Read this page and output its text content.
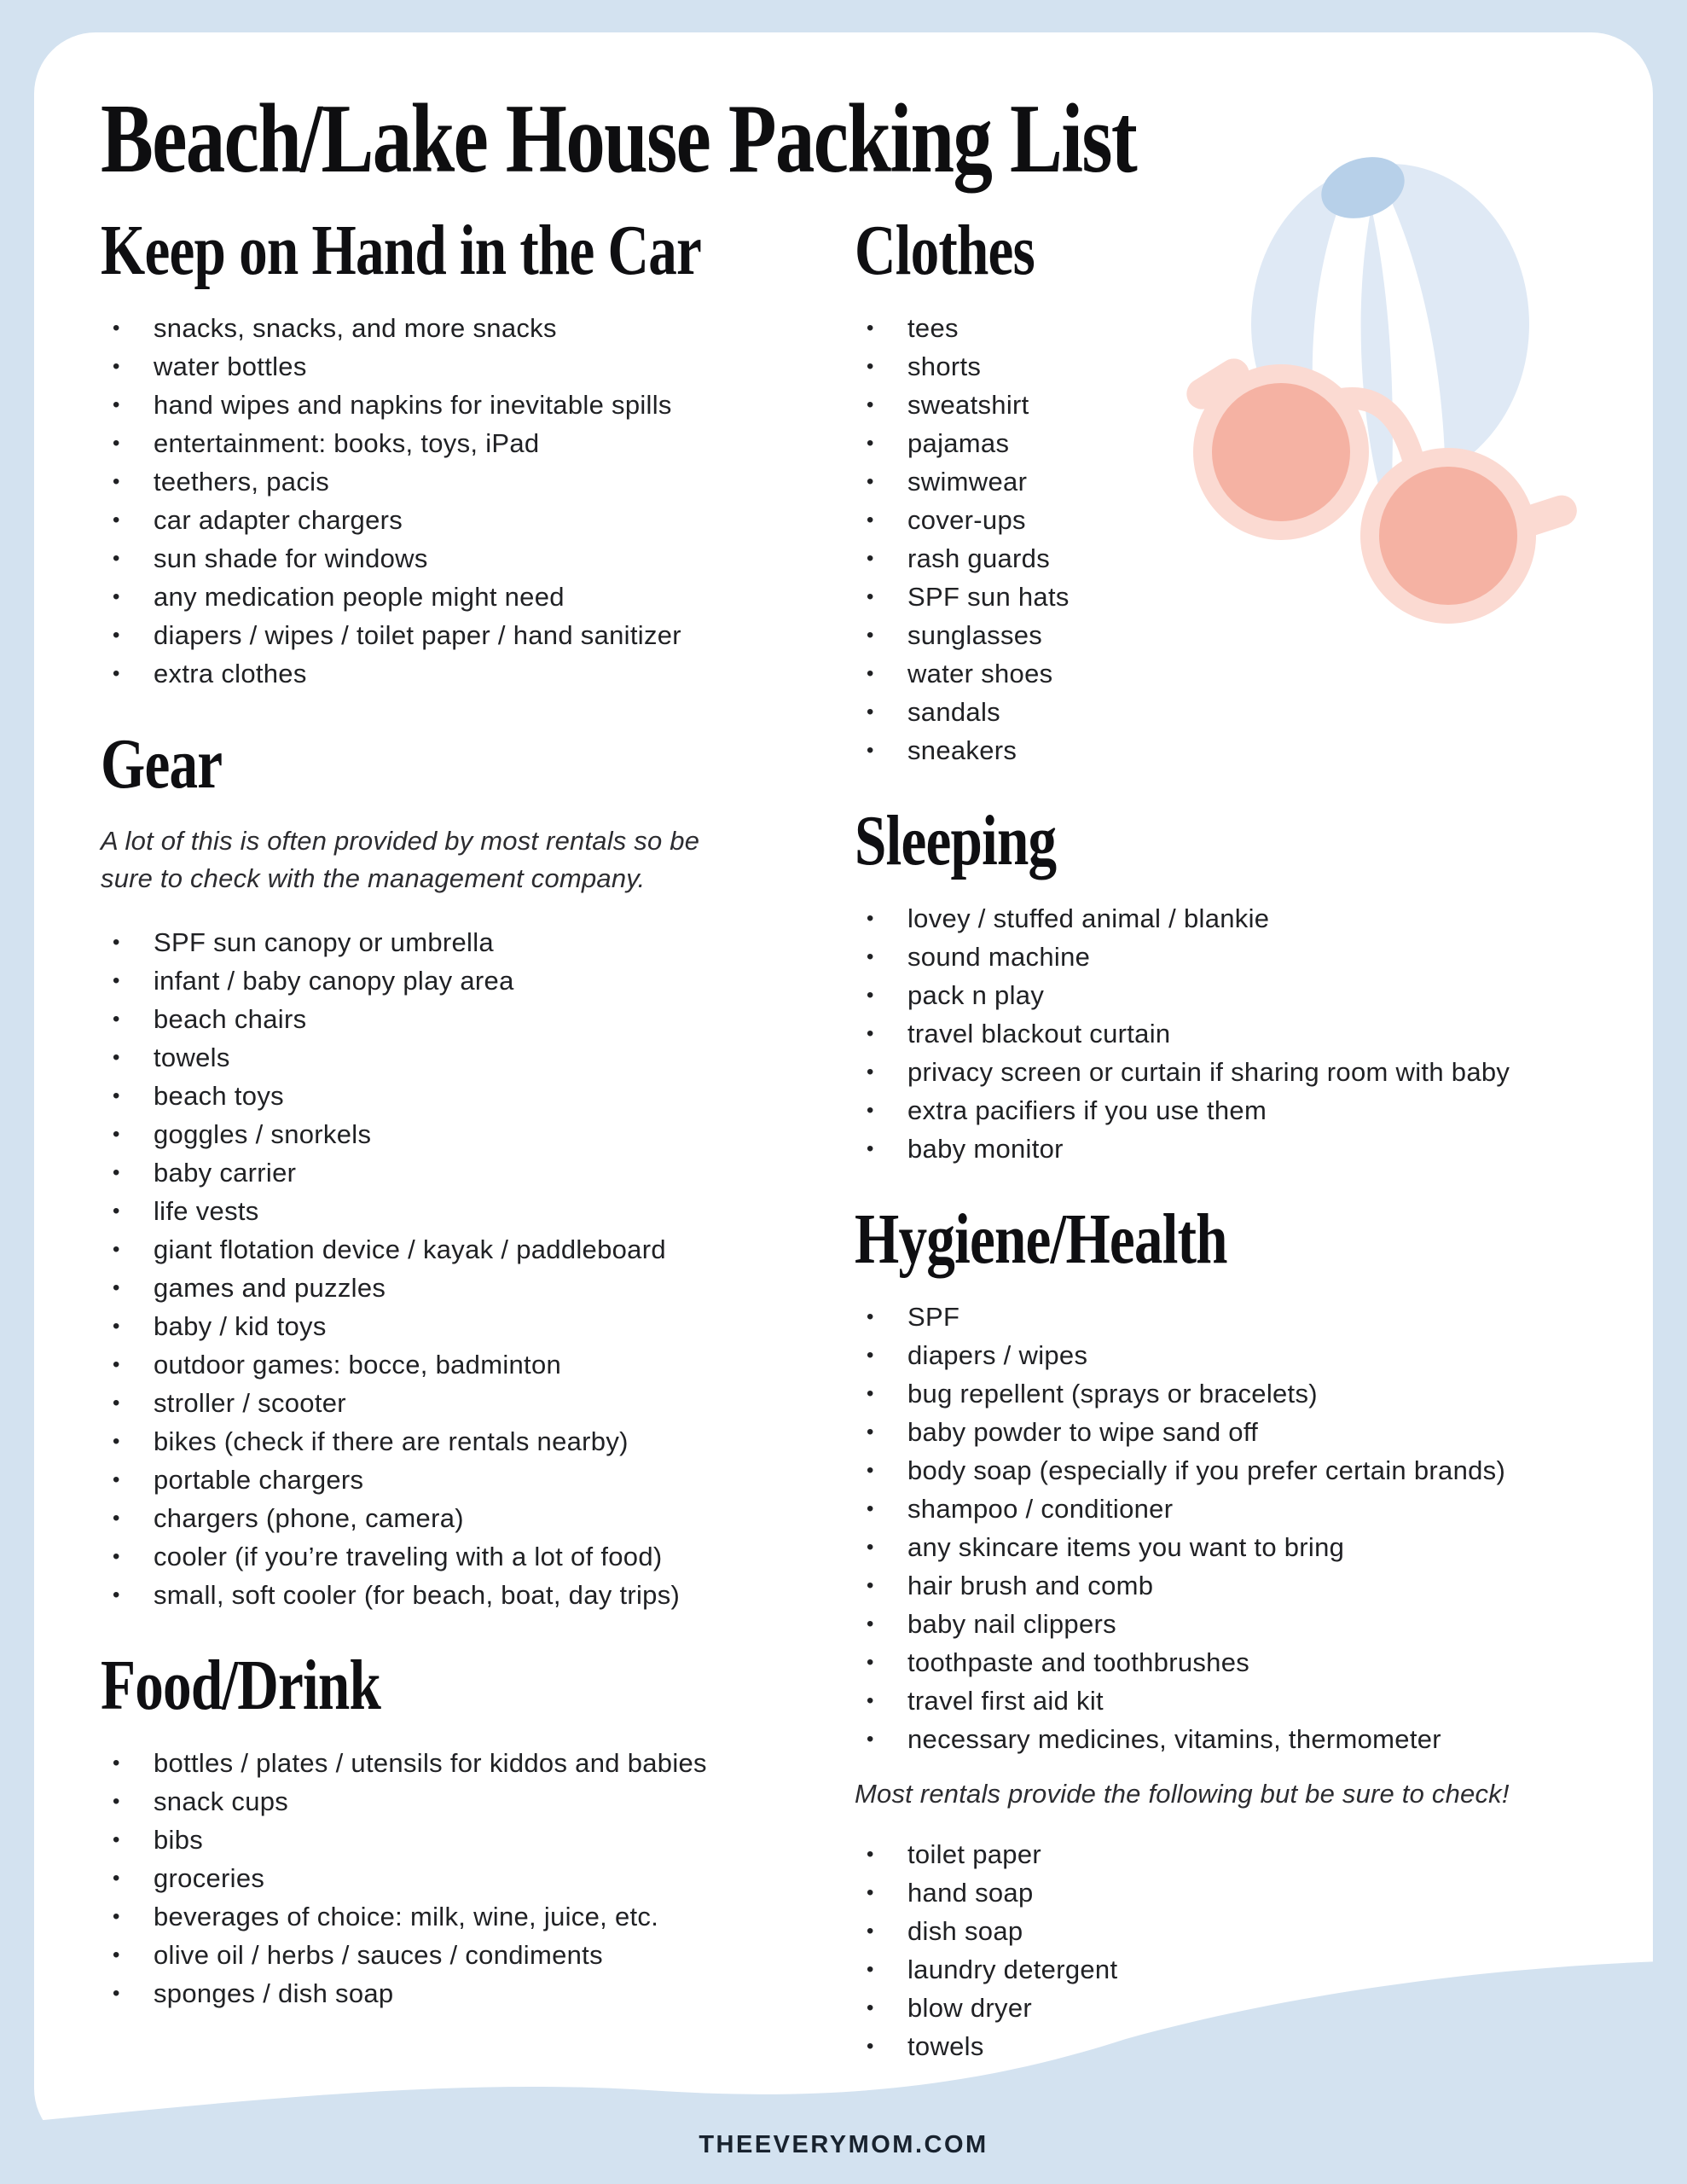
Beach/Lake House Packing List
Keep on Hand in the Car
•
snacks, snacks, and more snacks
•
water bottles
•
hand wipes and napkins for inevitable spills
•
entertainment: books, toys, iPad
•
teethers, pacis
•
car adapter chargers
•
sun shade for windows
•
any medication people might need
•
diapers / wipes / toilet paper / hand sanitizer
•
extra clothes
Gear

A lot of this is often provided by most rentals so be sure to check with the management company.

•
SPF sun canopy or umbrella
•
infant / baby canopy play area
•
beach chairs
•
towels
•
beach toys
•
goggles / snorkels
•
baby carrier
•
life vests
•
giant flotation device / kayak / paddleboard
•
games and puzzles
•
baby / kid toys
•
outdoor games: bocce, badminton
•
stroller / scooter
•
bikes (check if there are rentals nearby)
•
portable chargers
•
chargers (phone, camera)
•
cooler (if you’re traveling with a lot of food)
•
small, soft cooler (for beach, boat, day trips)
Food/Drink
•
bottles / plates / utensils for kiddos and babies
•
snack cups
•
bibs
•
groceries
•
beverages of choice: milk, wine, juice, etc.
•
olive oil / herbs / sauces / condiments
•
sponges / dish soap
Clothes
•
tees
•
shorts
•
sweatshirt
•
pajamas
•
swimwear
•
cover-ups
•
rash guards
•
SPF sun hats
•
sunglasses
•
water shoes
•
sandals
•
sneakers
Sleeping
•
lovey / stuffed animal / blankie
•
sound machine
•
pack n play
•
travel blackout curtain
•
privacy screen or curtain if sharing room with baby
•
extra pacifiers if you use them
•
baby monitor
Hygiene/Health
•
SPF
•
diapers / wipes
•
bug repellent (sprays or bracelets)
•
baby powder to wipe sand off
•
body soap (especially if you prefer certain brands)
•
shampoo / conditioner
•
any skincare items you want to bring
•
hair brush and comb
•
baby nail clippers
•
toothpaste and toothbrushes
•
travel first aid kit
•
necessary medicines, vitamins, thermometer

Most rentals provide the following but be sure to check!

•
toilet paper
•
hand soap
•
dish soap
•
laundry detergent
•
blow dryer
•
towels
THEEVERYMOM.COM
